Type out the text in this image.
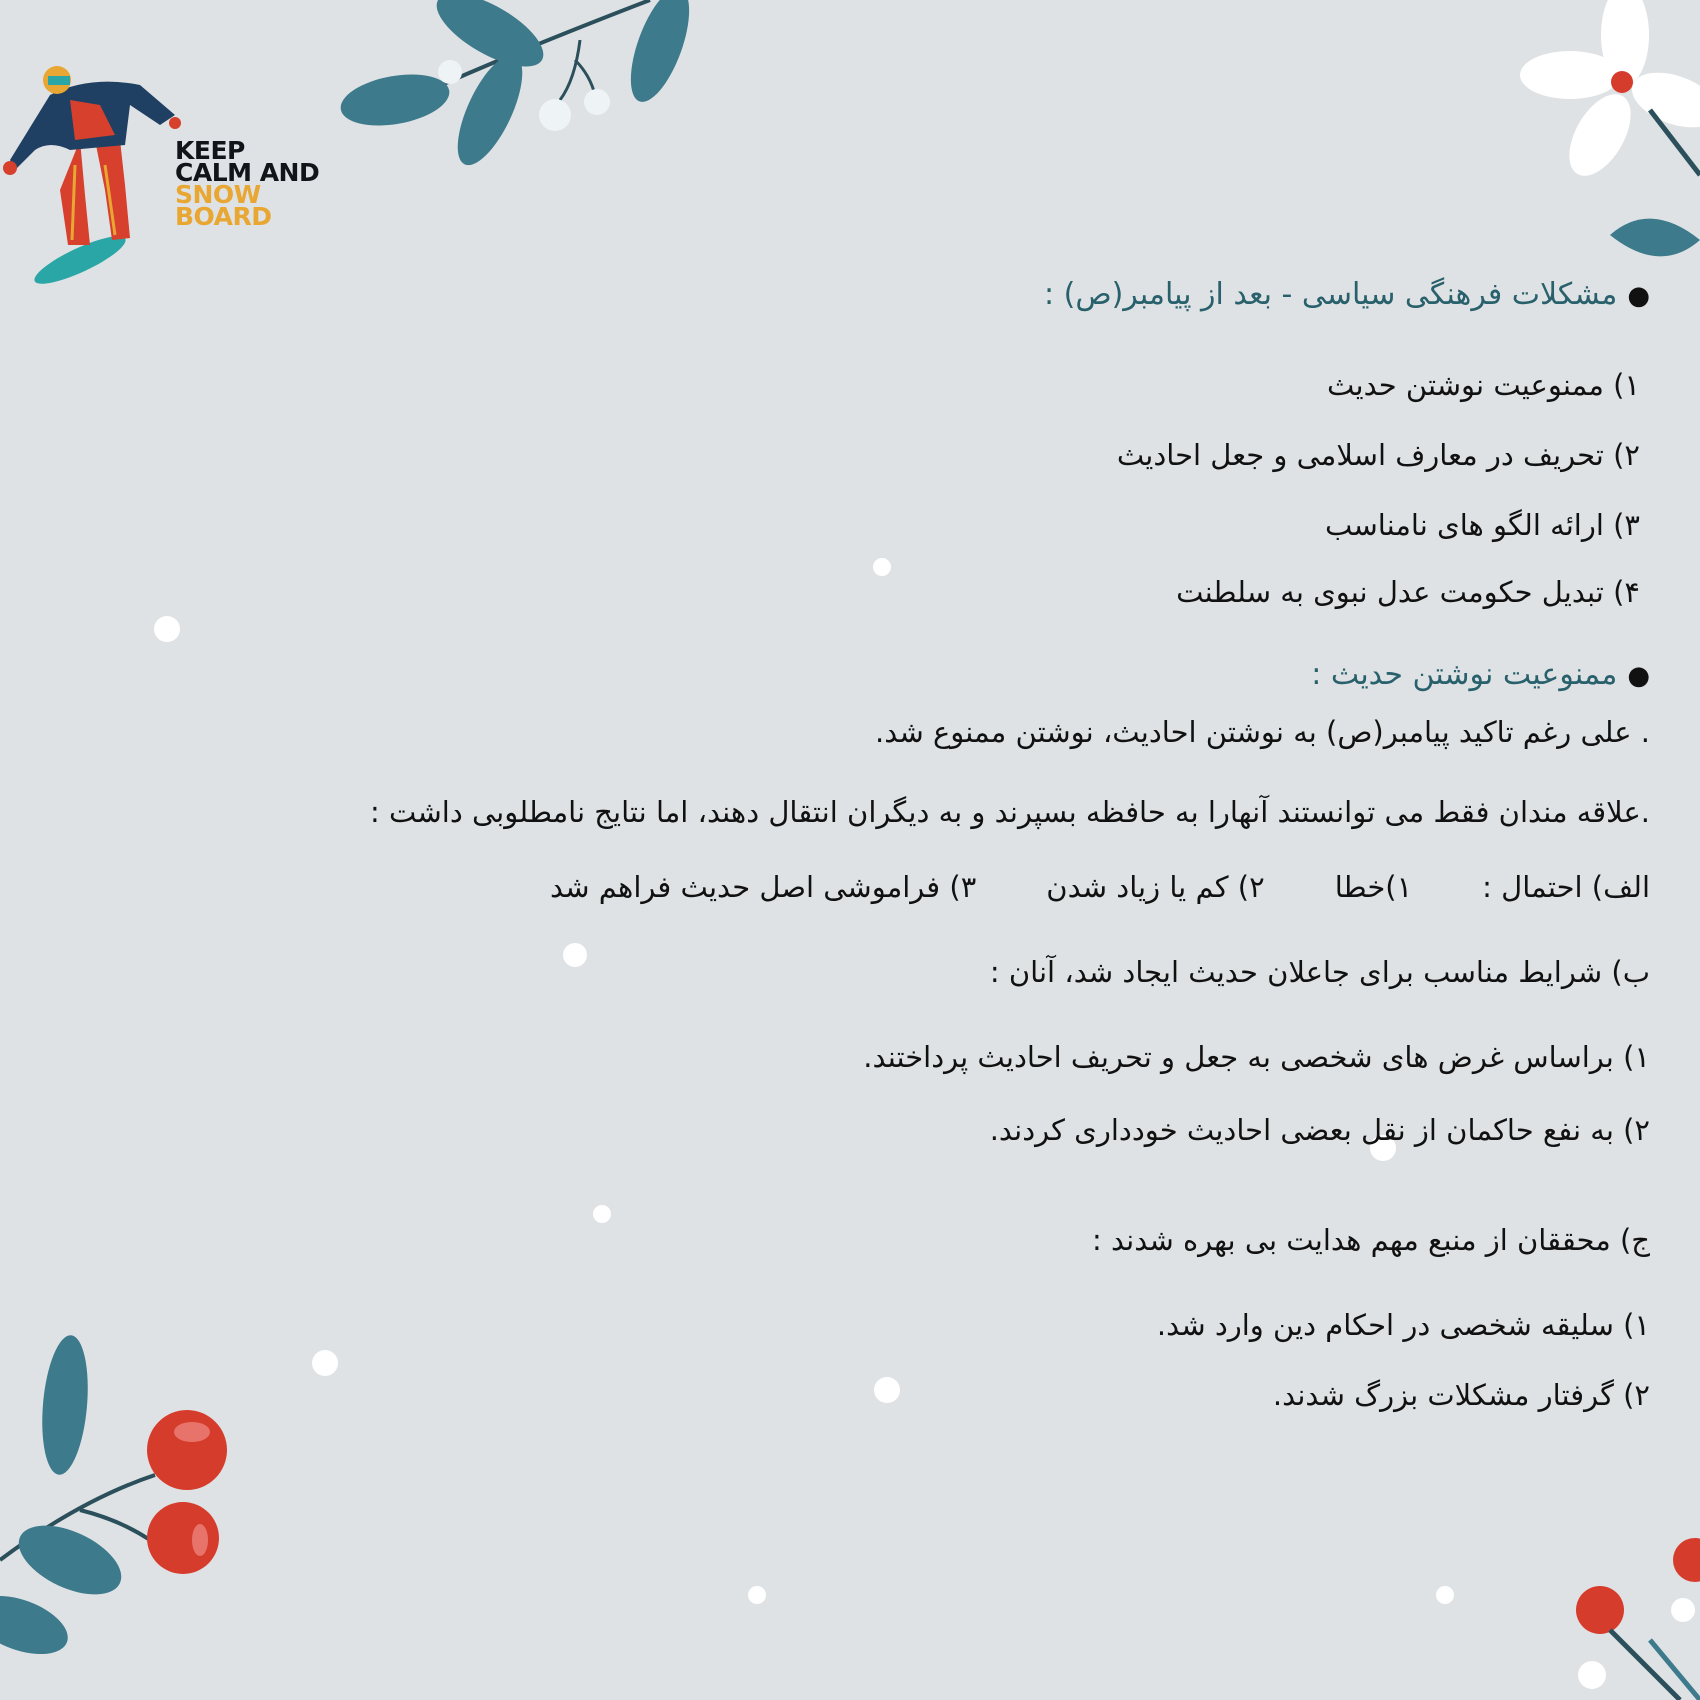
KEEP
CALM AND
SNOW
BOARD
●مشکلات فرهنگی سیاسی - بعد از پیامبر(ص) :
۱) ممنوعیت نوشتن حدیث
۲) تحریف در معارف اسلامی و جعل احادیث
۳) ارائه الگو های نامناسب
۴) تبدیل حکومت عدل نبوی به سلطنت
●ممنوعیت نوشتن حدیث :
. علی رغم تاکید پیامبر(ص) به نوشتن احادیث، نوشتن ممنوع شد.
.علاقه مندان فقط می توانستند آنهارا به حافظه بسپرند و به دیگران انتقال دهند، اما نتایج نامطلوبی داشت :
الف) احتمال :
۱)خطا
۲) کم یا زیاد شدن
۳) فراموشی اصل حدیث فراهم شد
ب) شرایط مناسب برای جاعلان حدیث ایجاد شد، آنان :
۱) براساس غرض های شخصی به جعل و تحریف احادیث پرداختند.
۲) به نفع حاکمان از نقل بعضی احادیث خودداری کردند.
ج) محققان از منبع مهم هدایت بی بهره شدند :
۱) سلیقه شخصی در احکام دین وارد شد.
۲) گرفتار مشکلات بزرگ شدند.
